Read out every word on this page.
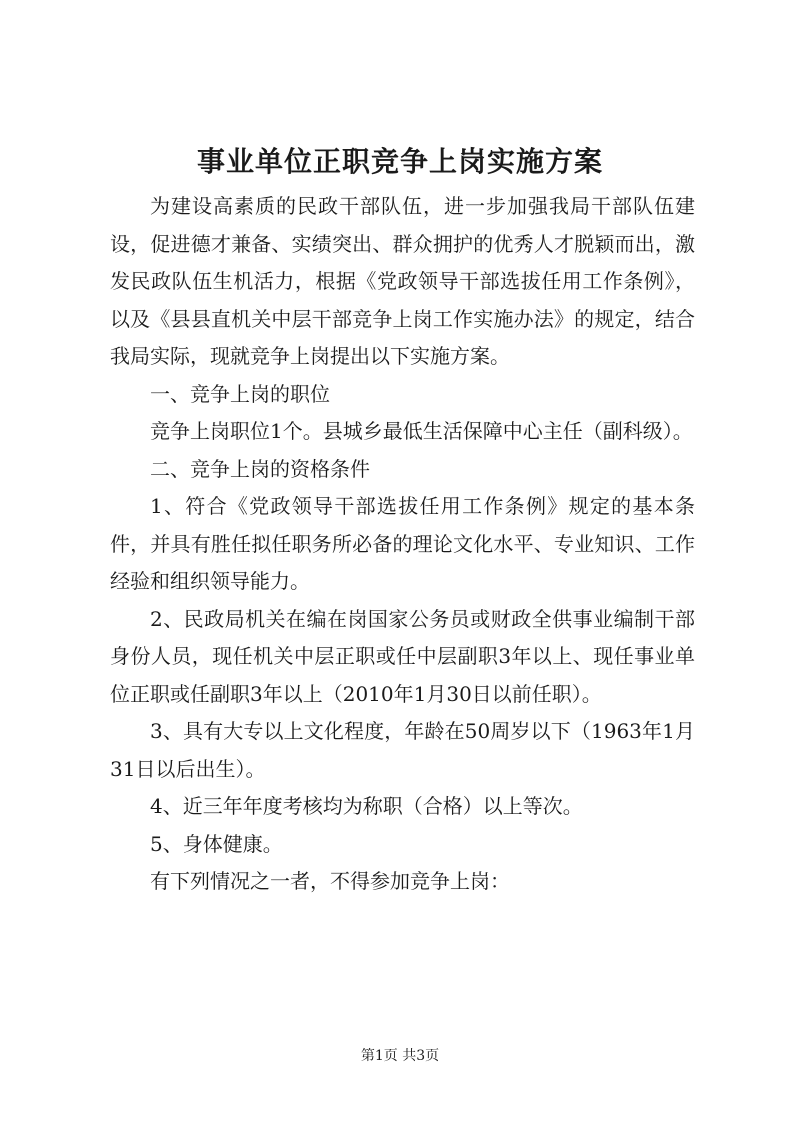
事业单位正职竞争上岗实施方案

为建设高素质的民政干部队伍，进一步加强我局干部队伍建设，促进德才兼备、实绩突出、群众拥护的优秀人才脱颖而出，激发民政队伍生机活力，根据《党政领导干部选拔任用工作条例》，以及《县县直机关中层干部竞争上岗工作实施办法》的规定，结合我局实际，现就竞争上岗提出以下实施方案。

一、竞争上岗的职位

竞争上岗职位1个。县城乡最低生活保障中心主任（副科级）。

二、竞争上岗的资格条件

1、符合《党政领导干部选拔任用工作条例》规定的基本条件，并具有胜任拟任职务所必备的理论文化水平、专业知识、工作经验和组织领导能力。

2、民政局机关在编在岗国家公务员或财政全供事业编制干部身份人员，现任机关中层正职或任中层副职3年以上、现任事业单位正职或任副职3年以上（2010年1月30日以前任职）。

3、具有大专以上文化程度，年龄在50周岁以下（1963年1月31日以后出生）。

4、近三年年度考核均为称职（合格）以上等次。

5、身体健康。

有下列情况之一者，不得参加竞争上岗：

第1页 共3页
